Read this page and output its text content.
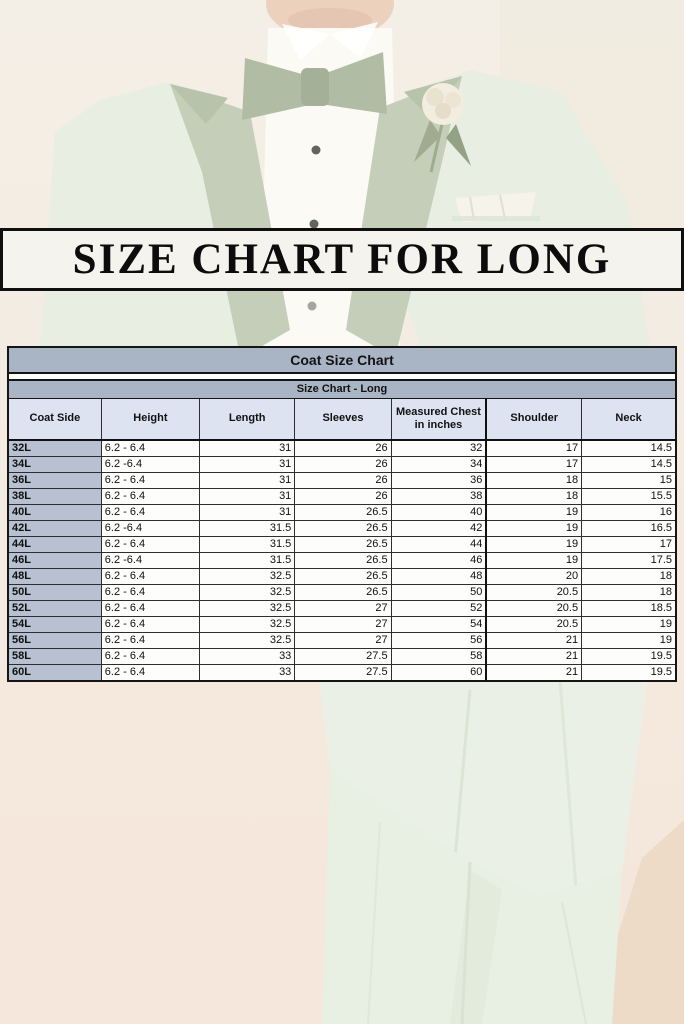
SIZE CHART FOR LONG
Coat Size Chart						

Size Chart - Long						
Coat Side	Height	Length	Sleeves	Measured Chest in inches	Shoulder	Neck
32L	6.2 - 6.4	31	26	32	17	14.5
34L	6.2 -6.4	31	26	34	17	14.5
36L	6.2 - 6.4	31	26	36	18	15
38L	6.2 - 6.4	31	26	38	18	15.5
40L	6.2 - 6.4	31	26.5	40	19	16
42L	6.2 -6.4	31.5	26.5	42	19	16.5
44L	6.2 - 6.4	31.5	26.5	44	19	17
46L	6.2 -6.4	31.5	26.5	46	19	17.5
48L	6.2 - 6.4	32.5	26.5	48	20	18
50L	6.2 - 6.4	32.5	26.5	50	20.5	18
52L	6.2 - 6.4	32.5	27	52	20.5	18.5
54L	6.2 - 6.4	32.5	27	54	20.5	19
56L	6.2 - 6.4	32.5	27	56	21	19
58L	6.2 - 6.4	33	27.5	58	21	19.5
60L	6.2 - 6.4	33	27.5	60	21	19.5
